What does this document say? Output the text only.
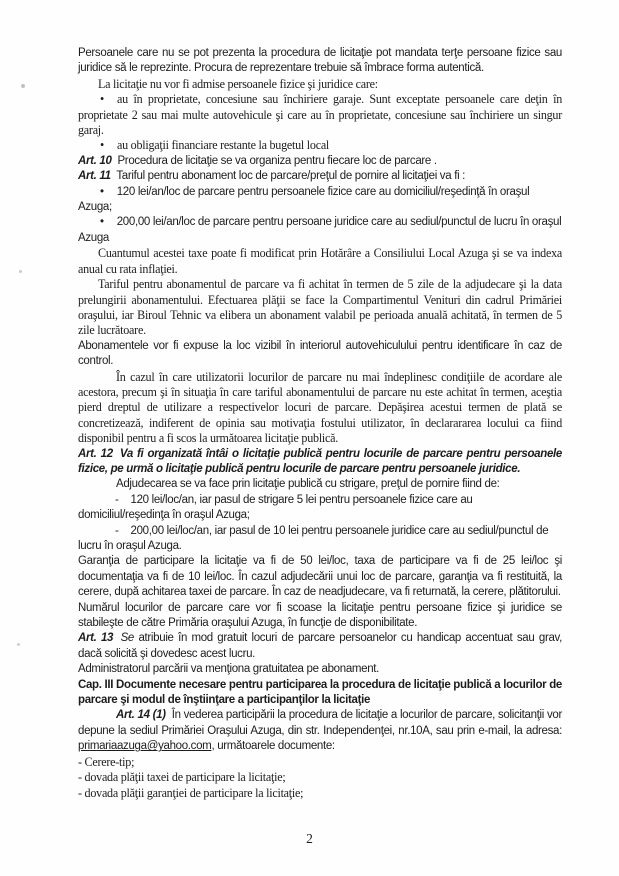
Persoanele care nu se pot prezenta la procedura de licitaţie pot mandata terţe persoane fizice sau juridice să le reprezinte. Procura de reprezentare trebuie să îmbrace forma autentică.

La licitaţie nu vor fi admise persoanele fizice şi juridice care:

• au în proprietate, concesiune sau închiriere garaje. Sunt exceptate persoanele care deţin în proprietate 2 sau mai multe autovehicule şi care au în proprietate, concesiune sau închiriere un singur garaj.

• au obligaţii financiare restante la bugetul local

Art. 10 Procedura de licitaţie se va organiza pentru fiecare loc de parcare .

Art. 11 Tariful pentru abonament loc de parcare/preţul de pornire al licitaţiei va fi :

• 120 lei/an/loc de parcare pentru persoanele fizice care au domiciliul/reşedinţă în oraşul Azuga;

• 200,00 lei/an/loc de parcare pentru persoane juridice care au sediul/punctul de lucru în oraşul Azuga

Cuantumul acestei taxe poate fi modificat prin Hotărâre a Consiliului Local Azuga şi se va indexa anual cu rata inflaţiei.

Tariful pentru abonamentul de parcare va fi achitat în termen de 5 zile de la adjudecare şi la data prelungirii abonamentului. Efectuarea plăţii se face la Compartimentul Venituri din cadrul Primăriei oraşului, iar Biroul Tehnic va elibera un abonament valabil pe perioada anuală achitată, în termen de 5 zile lucrătoare.

Abonamentele vor fi expuse la loc vizibil în interiorul autovehiculului pentru identificare în caz de control.

În cazul în care utilizatorii locurilor de parcare nu mai îndeplinesc condiţiile de acordare ale acestora, precum şi în situaţia în care tariful abonamentului de parcare nu este achitat în termen, aceştia pierd dreptul de utilizare a respectivelor locuri de parcare. Depăşirea acestui termen de plată se concretizează, indiferent de opinia sau motivaţia fostului utilizator, în declarararea locului ca fiind disponibil pentru a fi scos la următoarea licitaţie publică.

Art. 12 Va fi organizată întâi o licitaţie publică pentru locurile de parcare pentru persoanele fizice, pe urmă o licitaţie publică pentru locurile de parcare pentru persoanele juridice.

Adjudecarea se va face prin licitaţie publică cu strigare, preţul de pornire fiind de:

- 120 lei/loc/an, iar pasul de strigare 5 lei pentru persoanele fizice care au domiciliul/reşedinţa în oraşul Azuga;

- 200,00 lei/loc/an, iar pasul de 10 lei pentru persoanele juridice care au sediul/punctul de lucru în oraşul Azuga.

Garanţia de participare la licitaţie va fi de 50 lei/loc, taxa de participare va fi de 25 lei/loc şi documentaţia va fi de 10 lei/loc. În cazul adjudecării unui loc de parcare, garanţia va fi restituită, la cerere, după achitarea taxei de parcare. În caz de neadjudecare, va fi returnată, la cerere, plătitorului.

Numărul locurilor de parcare care vor fi scoase la licitaţie pentru persoane fizice şi juridice se stabileşte de către Primăria oraşului Azuga, în funcţie de disponibilitate.

Art. 13 Se atribuie în mod gratuit locuri de parcare persoanelor cu handicap accentuat sau grav, dacă solicită şi dovedesc acest lucru.

Administratorul parcării va menţiona gratuitatea pe abonament.

Cap. III Documente necesare pentru participarea la procedura de licitaţie publică a locurilor de parcare şi modul de înştiinţare a participanţilor la licitaţie

Art. 14 (1) În vederea participării la procedura de licitaţie a locurilor de parcare, solicitanţii vor depune la sediul Primăriei Oraşului Azuga, din str. Independenţei, nr.10A, sau prin e-mail, la adresa: primariaazuga@yahoo.com, următoarele documente:

- Cerere-tip;

- dovada plăţii taxei de participare la licitaţie;

- dovada plăţii garanţiei de participare la licitaţie;

2
